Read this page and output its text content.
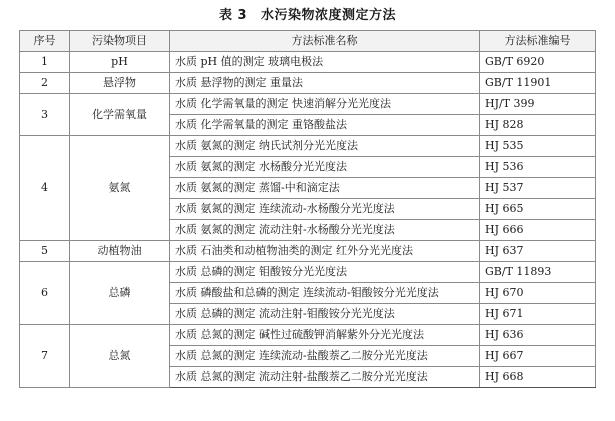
表 3 水污染物浓度测定方法
序号	污染物项目	方法标准名称	方法标准编号
1	pH	水质 pH 值的测定 玻璃电极法	GB/T 6920
2	悬浮物	水质 悬浮物的测定 重量法	GB/T 11901
3	化学需氧量	水质 化学需氧量的测定 快速消解分光光度法	HJ/T 399
		水质 化学需氧量的测定 重铬酸盐法	HJ 828
4	氨氮	水质 氨氮的测定 纳氏试剂分光光度法	HJ 535
		水质 氨氮的测定 水杨酸分光光度法	HJ 536
		水质 氨氮的测定 蒸馏-中和滴定法	HJ 537
		水质 氨氮的测定 连续流动-水杨酸分光光度法	HJ 665
		水质 氨氮的测定 流动注射-水杨酸分光光度法	HJ 666
5	动植物油	水质 石油类和动植物油类的测定 红外分光光度法	HJ 637
6	总磷	水质 总磷的测定 钼酸铵分光光度法	GB/T 11893
		水质 磷酸盐和总磷的测定 连续流动-钼酸铵分光光度法	HJ 670
		水质 总磷的测定 流动注射-钼酸铵分光光度法	HJ 671
7	总氮	水质 总氮的测定 碱性过硫酸钾消解紫外分光光度法	HJ 636
		水质 总氮的测定 连续流动-盐酸萘乙二胺分光光度法	HJ 667
		水质 总氮的测定 流动注射-盐酸萘乙二胺分光光度法	HJ 668
